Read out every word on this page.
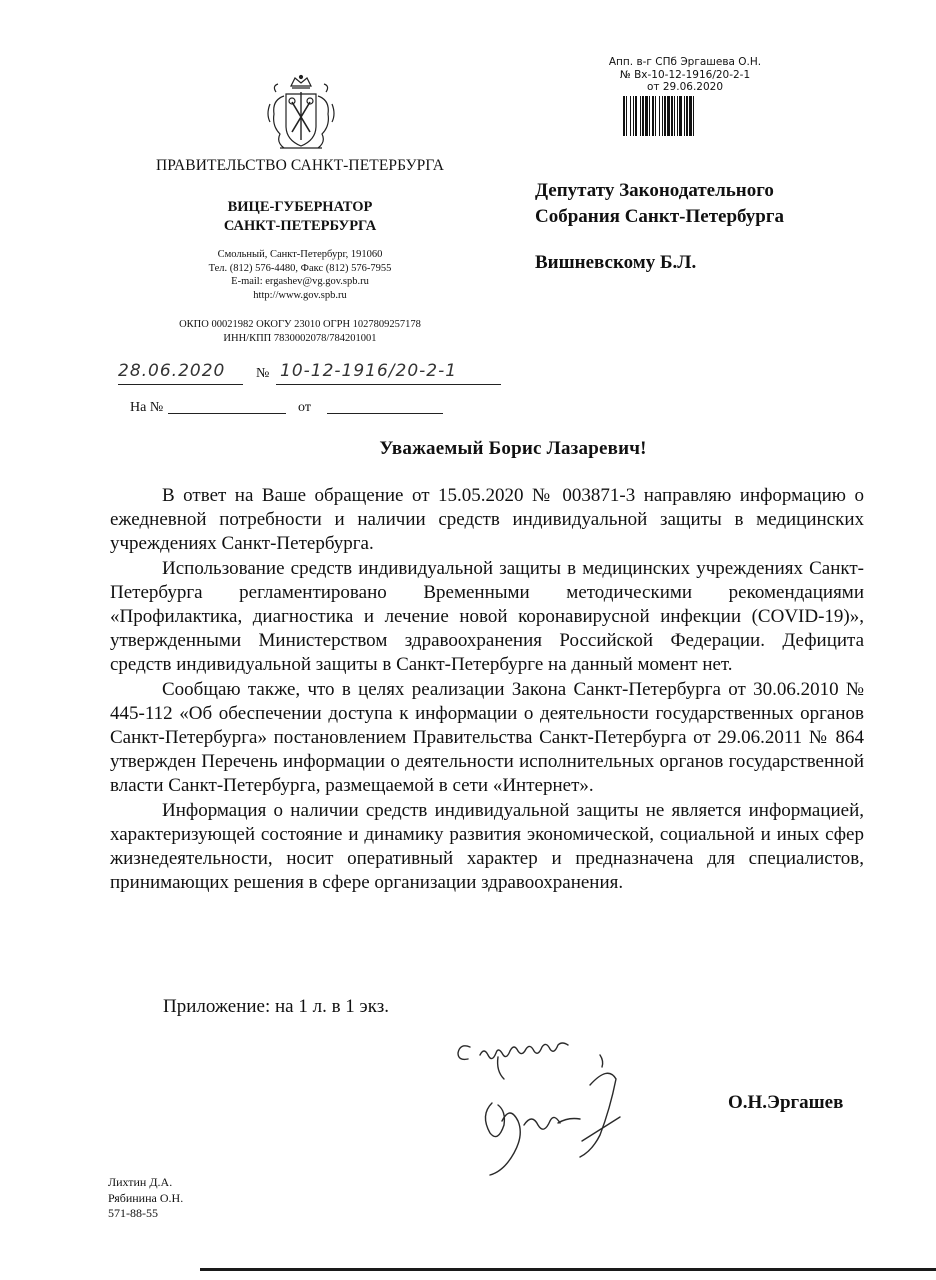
Апп. в-г СПб Эргашева О.Н.
№ Вх-10-12-1916/20-2-1
от 29.06.2020
ПРАВИТЕЛЬСТВО САНКТ-ПЕТЕРБУРГА
ВИЦЕ-ГУБЕРНАТОР
САНКТ-ПЕТЕРБУРГА
Смольный, Санкт-Петербург, 191060
Тел. (812) 576-4480, Факс (812) 576-7955
E-mail: ergashev@vg.gov.spb.ru
http://www.gov.spb.ru
ОКПО 00021982 ОКОГУ 23010 ОГРН 1027809257178
ИНН/КПП 7830002078/784201001
28.06.2020 № 10-12-1916/20-2-1
На №	от
Депутату Законодательного
Собрания Санкт-Петербурга
Вишневскому Б.Л.
Уважаемый Борис Лазаревич!

В ответ на Ваше обращение от 15.05.2020 № 003871-3 направляю информацию о ежедневной потребности и наличии средств индивидуальной защиты в медицинских учреждениях Санкт-Петербурга.

Использование средств индивидуальной защиты в медицинских учреждениях Санкт-Петербурга регламентировано Временными методическими рекомендациями «Профилактика, диагностика и лечение новой коронавирусной инфекции (COVID-19)», утвержденными Министерством здравоохранения Российской Федерации. Дефицита средств индивидуальной защиты в Санкт-Петербурге на данный момент нет.

Сообщаю также, что в целях реализации Закона Санкт-Петербурга от 30.06.2010 № 445-112 «Об обеспечении доступа к информации о деятельности государственных органов Санкт-Петербурга» постановлением Правительства Санкт-Петербурга от 29.06.2011 № 864 утвержден Перечень информации о деятельности исполнительных органов государственной власти Санкт-Петербурга, размещаемой в сети «Интернет».

Информация о наличии средств индивидуальной защиты не является информацией, характеризующей состояние и динамику развития экономической, социальной и иных сфер жизнедеятельности, носит оперативный характер и предназначена для специалистов, принимающих решения в сфере организации здравоохранения.

Приложение: на 1 л. в 1 экз.
О.Н.Эргашев
Лихтин Д.А.
Рябинина О.Н.
571-88-55
